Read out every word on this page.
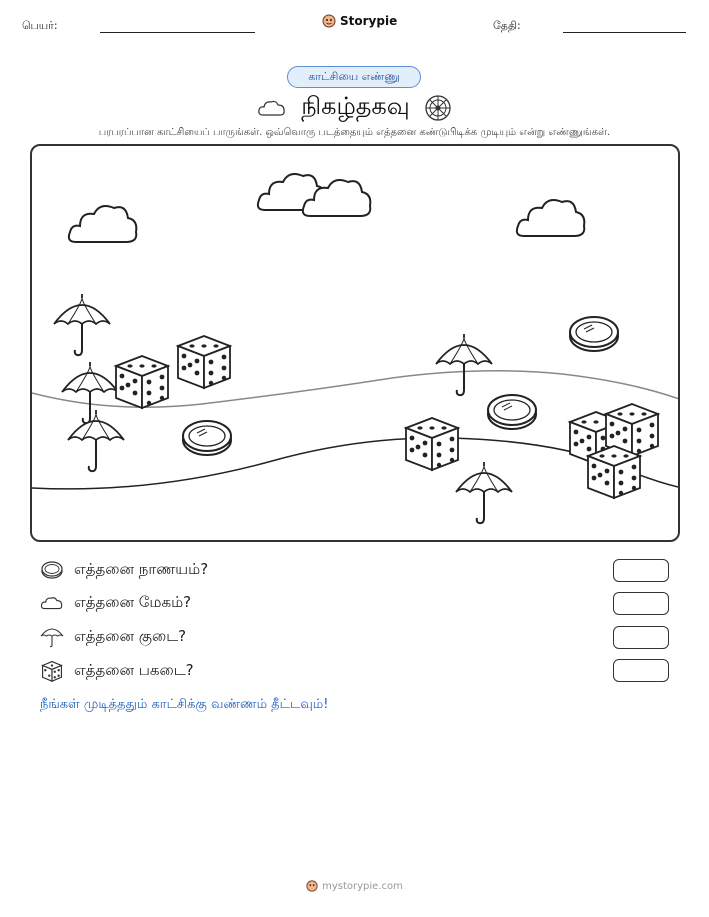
பெயர்:	Storypie	தேதி:
காட்சியை எண்ணு
நிகழ்தகவு
பரபரப்பான காட்சியைப் பாருங்கள். ஒவ்வொரு படத்தையும் எத்தனை கண்டுபிடிக்க முடியும் என்று எண்ணுங்கள்.
எத்தனை நாணயம்?
எத்தனை மேகம்?
எத்தனை குடை?
எத்தனை பகடை?
நீங்கள் முடித்ததும் காட்சிக்கு வண்ணம் தீட்டவும்!
mystorypie.com
